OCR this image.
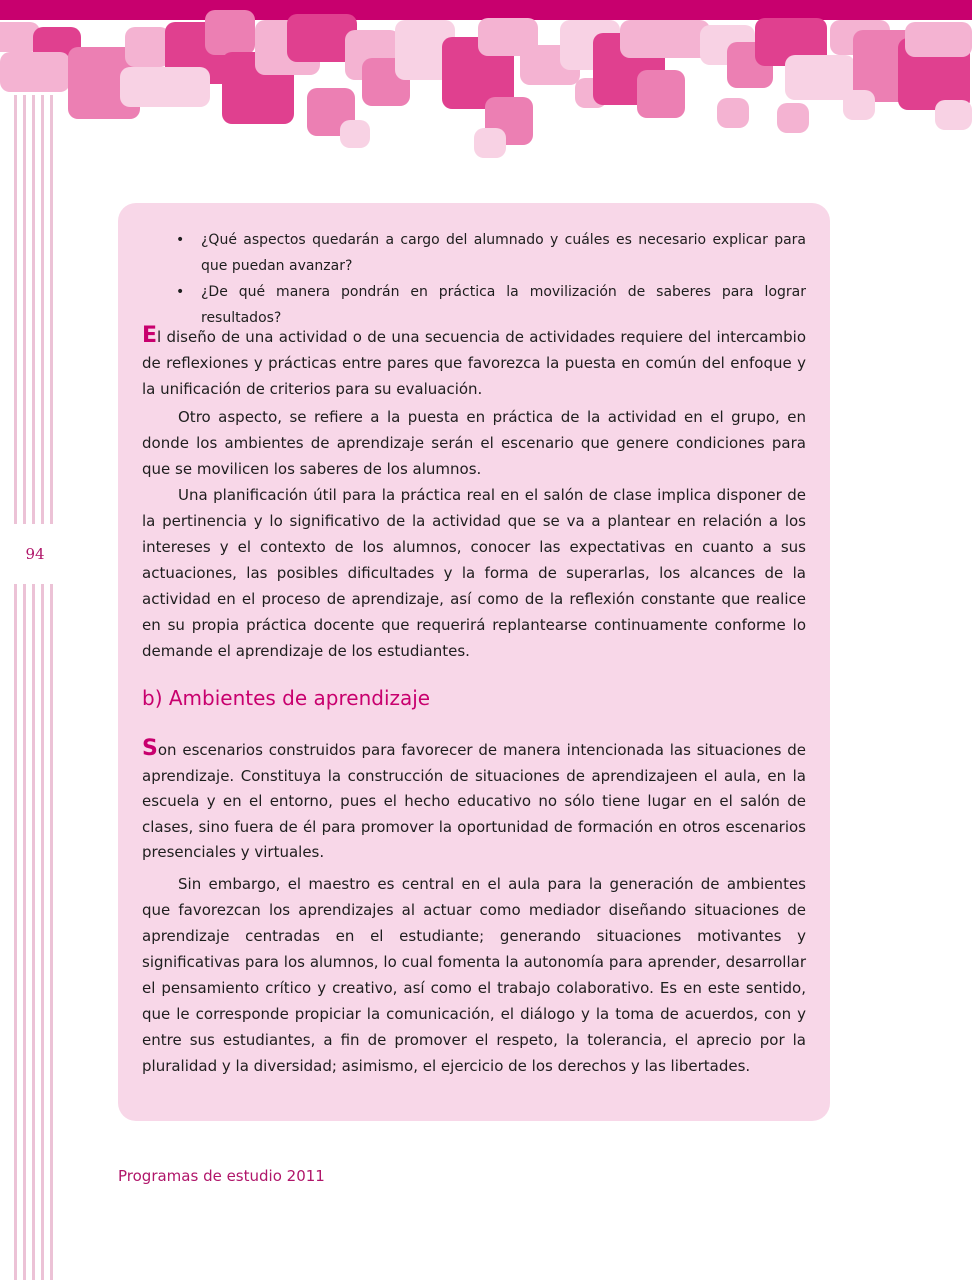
94
• ¿Qué aspectos quedarán a cargo del alumnado y cuáles es necesario explicar para que puedan avanzar?
• ¿De qué manera pondrán en práctica la movilización de saberes para lograr resultados?

El diseño de una actividad o de una secuencia de actividades requiere del intercambio de reflexiones y prácticas entre pares que favorezca la puesta en común del enfoque y la unificación de criterios para su evaluación.

Otro aspecto, se refiere a la puesta en práctica de la actividad en el grupo, en donde los ambientes de aprendizaje serán el escenario que genere condiciones para que se movilicen los saberes de los alumnos.

Una planificación útil para la práctica real en el salón de clase implica disponer de la pertinencia y lo significativo de la actividad que se va a plantear en relación a los intereses y el contexto de los alumnos, conocer las expectativas en cuanto a sus actuaciones, las posibles dificultades y la forma de superarlas, los alcances de la actividad en el proceso de aprendizaje, así como de la reflexión constante que realice en su propia práctica docente que requerirá replantearse continuamente conforme lo demande el aprendizaje de los estudiantes.

b) Ambientes de aprendizaje

Son escenarios construidos para favorecer de manera intencionada las situaciones de aprendizaje. Constituya la construcción de situaciones de aprendizajeen el aula, en la escuela y en el entorno, pues el hecho educativo no sólo tiene lugar en el salón de clases, sino fuera de él para promover la oportunidad de formación en otros escenarios presenciales y virtuales.

Sin embargo, el maestro es central en el aula para la generación de ambientes que favorezcan los aprendizajes al actuar como mediador diseñando situaciones de aprendizaje centradas en el estudiante; generando situaciones motivantes y significativas para los alumnos, lo cual fomenta la autonomía para aprender, desarrollar el pensamiento crítico y creativo, así como el trabajo colaborativo. Es en este sentido, que le corresponde propiciar la comunicación, el diálogo y la toma de acuerdos, con y entre sus estudiantes, a fin de promover el respeto, la tolerancia, el aprecio por la pluralidad y la diversidad; asimismo, el ejercicio de los derechos y las libertades.

Programas de estudio 2011
